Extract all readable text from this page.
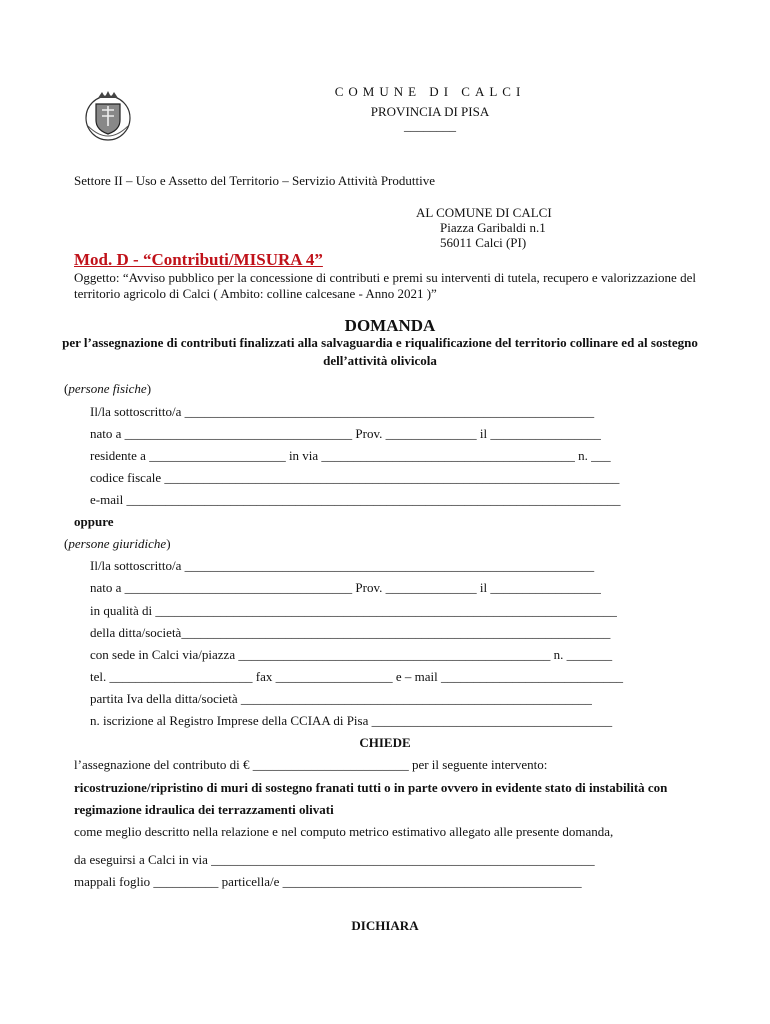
COMUNE DI CALCI
PROVINCIA DI PISA
________
Settore II – Uso e Assetto del Territorio – Servizio Attività Produttive
AL COMUNE DI CALCI
Piazza Garibaldi n.1
56011 Calci (PI)
Mod. D - “Contributi/MISURA 4”
Oggetto: “Avviso pubblico per la concessione di contributi e premi su interventi di tutela, recupero e valorizzazione del territorio agricolo di Calci ( Ambito: colline calcesane - Anno 2021 )”
DOMANDA
per l’assegnazione di contributi finalizzati alla salvaguardia e riqualificazione del territorio collinare ed al sostegno dell’attività olivicola
(persone fisiche)
Il/la sottoscritto/a _______________________________________________________________
nato a ___________________________________ Prov. ______________ il _________________
residente a _____________________ in via _______________________________________ n. ___
codice fiscale ______________________________________________________________________
e-mail ____________________________________________________________________________
oppure
(persone giuridiche)
Il/la sottoscritto/a _______________________________________________________________
nato a ___________________________________ Prov. ______________ il _________________
in qualità di _______________________________________________________________________
della ditta/società__________________________________________________________________
con sede in Calci via/piazza ________________________________________________ n. _______
tel. ______________________ fax __________________ e – mail ____________________________
partita Iva della ditta/società ______________________________________________________
n. iscrizione al Registro Imprese della CCIAA di Pisa _____________________________________
CHIEDE
l’assegnazione del contributo di € ________________________ per il seguente intervento:
ricostruzione/ripristino di muri di sostegno franati tutti o in parte ovvero in evidente stato di instabilità con
regimazione idraulica dei terrazzamenti olivati
come meglio descritto nella relazione e nel computo metrico estimativo allegato alle presente domanda,
da eseguirsi a Calci in via ___________________________________________________________
mappali foglio __________ particella/e ______________________________________________
DICHIARA
